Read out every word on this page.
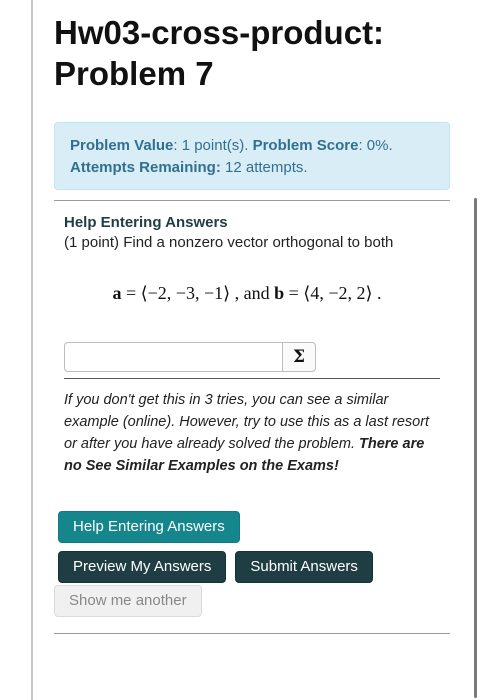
Hw03-cross-product:
Problem 7
Problem Value: 1 point(s). Problem Score: 0%.
Attempts Remaining: 12 attempts.
Help Entering Answers
(1 point) Find a nonzero vector orthogonal to both
a = ⟨−2, −3, −1⟩ , and b = ⟨4, −2, 2⟩ .
Σ
If you don't get this in 3 tries, you can see a similar example (online). However, try to use this as a last resort or after you have already solved the problem. There are no See Similar Examples on the Exams!
Help Entering Answers
Preview My Answers	Submit Answers
Show me another
